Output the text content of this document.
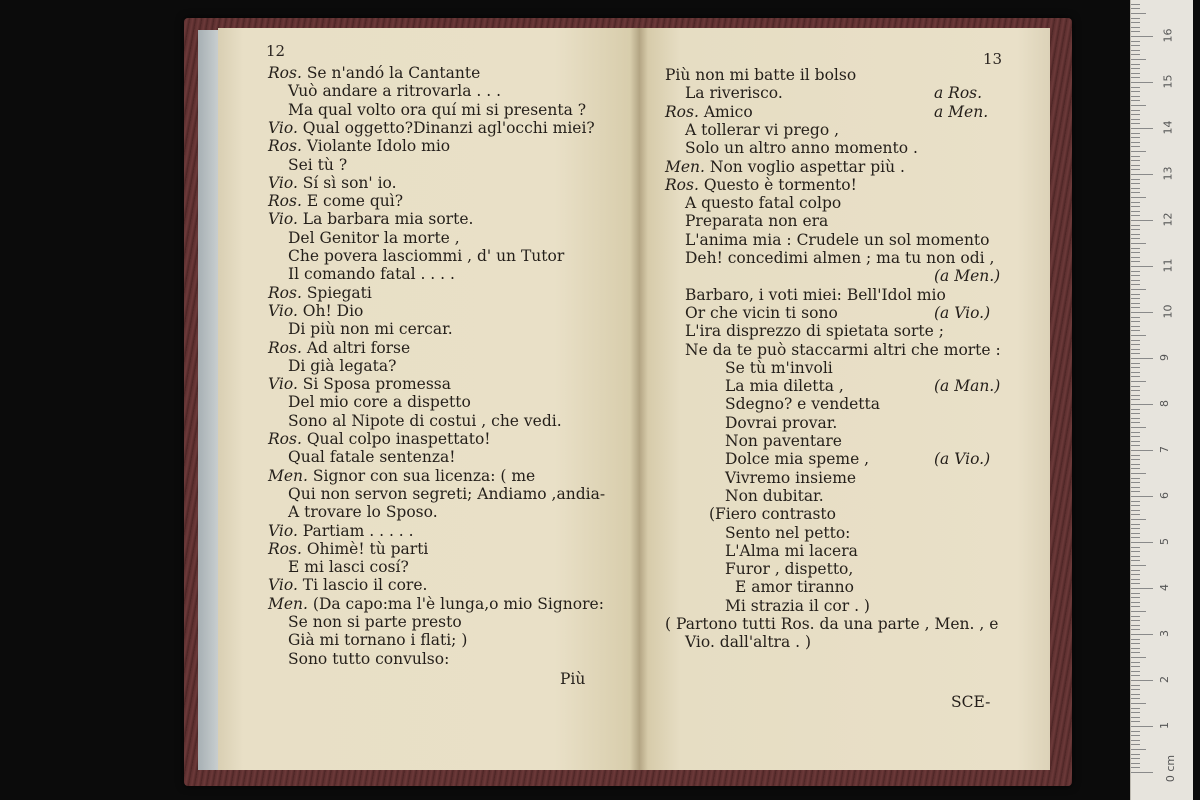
12
Ros. Se n'andó la Cantante
Vuò andare a ritrovarla . . .
Ma qual volto ora quí mi si presenta ?
Vio. Qual oggetto?Dinanzi agl'occhi miei?
Ros. Violante Idolo mio
Sei tù ?
Vio. Sí sì son' io.
Ros. E come quì?
Vio. La barbara mia sorte.
Del Genitor la morte ,
Che povera lasciommi , d' un Tutor
Il comando fatal . . . .
Ros. Spiegati
Vio. Oh! Dio
Di più non mi cercar.
Ros. Ad altri forse
Di già legata?
Vio. Si Sposa promessa
Del mio core a dispetto
Sono al Nipote di costui , che vedi.
Ros. Qual colpo inaspettato!
Qual fatale sentenza!
Men. Signor con sua licenza: ( me
Qui non servon segreti; Andiamo ,andia-
A trovare lo Sposo.
Vio. Partiam . . . . .
Ros. Ohimè! tù parti
E mi lasci cosí?
Vio. Ti lascio il core.
Men. (Da capo:ma l'è lunga,o mio Signore:
Se non si parte presto
Già mi tornano i flati; )
Sono tutto convulso:
Più
13
Più non mi batte il bolso
La riverisco.	a Ros.
Ros. Amico	a Men.
A tollerar vi prego ,
Solo un altro anno momento .
Men. Non voglio aspettar più .
Ros. Questo è tormento!
A questo fatal colpo
Preparata non era
L'anima mia : Crudele un sol momento
Deh! concedimi almen ; ma tu non odi ,
(a Men.)
Barbaro, i voti miei: Bell'Idol mio
Or che vicin ti sono	(a Vio.)
L'ira disprezzo di spietata sorte ;
Ne da te può staccarmi altri che morte :
Se tù m'involi
La mia diletta ,	(a Man.)
Sdegno? e vendetta
Dovrai provar.
Non paventare
Dolce mia speme ,	(a Vio.)
Vivremo insieme
Non dubitar.
(Fiero contrasto
Sento nel petto:
L'Alma mi lacera
Furor , dispetto,
E amor tiranno
Mi strazia il cor . )
( Partono tutti Ros. da una parte , Men. , e
Vio. dall'altra . )
SCE-
0 cm
1
2
3
4
5
6
7
8
9
10
11
12
13
14
15
16
